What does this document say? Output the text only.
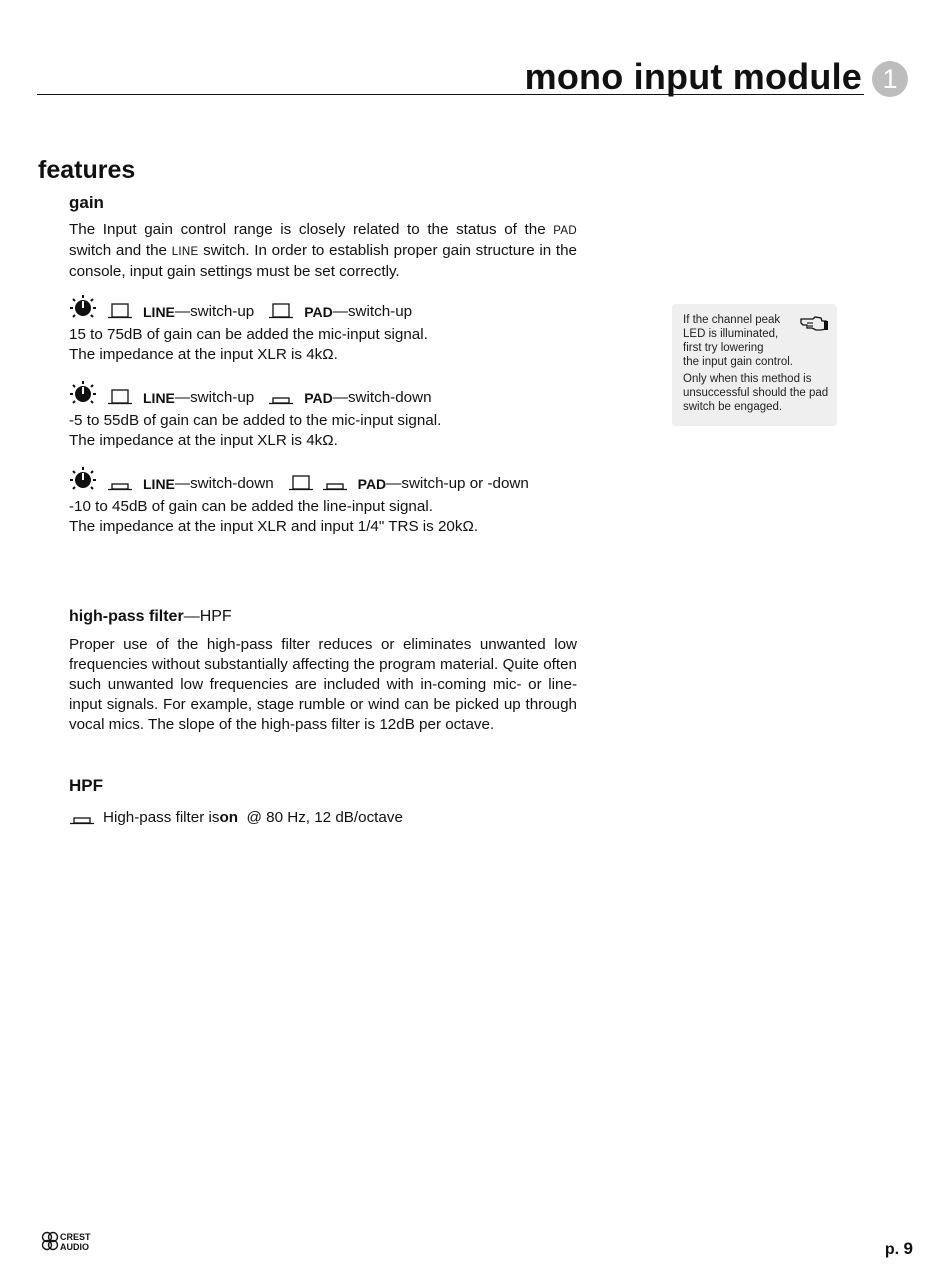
mono input module 1
features
gain
The Input gain control range is closely related to the status of the PAD switch and the LINE switch. In order to establish proper gain structure in the console, input gain settings must be set correctly.
LINE —switch-up	PAD —switch-up
15 to 75dB of gain can be added the mic-input signal.
The impedance at the input XLR is 4kΩ.
LINE —switch-up	PAD —switch-down
-5 to 55dB of gain can be added to the mic-input signal.
The impedance at the input XLR is 4kΩ.
LINE —switch-down	PAD —switch-up or -down
-10 to 45dB of gain can be added the line-input signal.
The impedance at the input XLR and input 1/4" TRS is 20kΩ.
high-pass filter—HPF
Proper use of the high-pass filter reduces or eliminates unwanted low frequencies without substantially affecting the program material. Quite often such unwanted low frequencies are included with in-coming mic- or line-input signals. For example, stage rumble or wind can be picked up through vocal mics. The slope of the high-pass filter is 12dB per octave.
HPF
High-pass filter is on @ 80 Hz, 12 dB/octave
If the channel peak
LED is illuminated,
first try lowering
the input gain control.
Only when this method is unsuccessful should the pad switch be engaged.
CREST
AUDIO	p. 9
